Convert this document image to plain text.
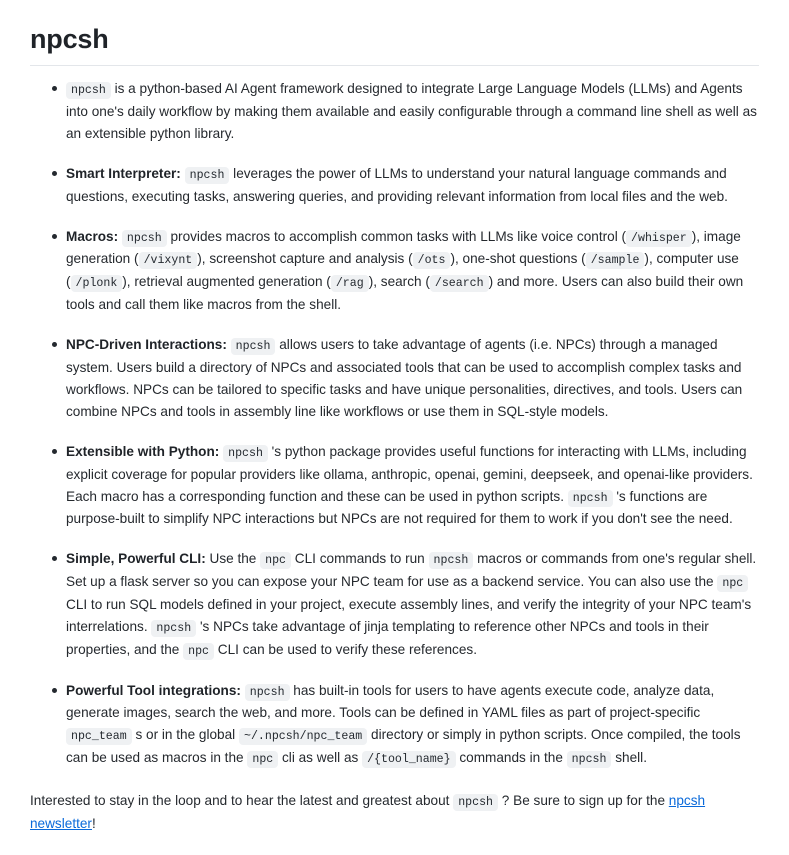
npcsh
npcsh is a python-based AI Agent framework designed to integrate Large Language Models (LLMs) and Agents into one's daily workflow by making them available and easily configurable through a command line shell as well as an extensible python library.
Smart Interpreter: npcsh leverages the power of LLMs to understand your natural language commands and questions, executing tasks, answering queries, and providing relevant information from local files and the web.
Macros: npcsh provides macros to accomplish common tasks with LLMs like voice control ( /whisper ), image generation ( /vixynt ), screenshot capture and analysis ( /ots ), one-shot questions ( /sample ), computer use ( /plonk ), retrieval augmented generation ( /rag ), search ( /search ) and more. Users can also build their own tools and call them like macros from the shell.
NPC-Driven Interactions: npcsh allows users to take advantage of agents (i.e. NPCs) through a managed system. Users build a directory of NPCs and associated tools that can be used to accomplish complex tasks and workflows. NPCs can be tailored to specific tasks and have unique personalities, directives, and tools. Users can combine NPCs and tools in assembly line like workflows or use them in SQL-style models.
Extensible with Python: npcsh 's python package provides useful functions for interacting with LLMs, including explicit coverage for popular providers like ollama, anthropic, openai, gemini, deepseek, and openai-like providers. Each macro has a corresponding function and these can be used in python scripts. npcsh 's functions are purpose-built to simplify NPC interactions but NPCs are not required for them to work if you don't see the need.
Simple, Powerful CLI: Use the npc CLI commands to run npcsh macros or commands from one's regular shell. Set up a flask server so you can expose your NPC team for use as a backend service. You can also use the npc CLI to run SQL models defined in your project, execute assembly lines, and verify the integrity of your NPC team's interrelations. npcsh 's NPCs take advantage of jinja templating to reference other NPCs and tools in their properties, and the npc CLI can be used to verify these references.
Powerful Tool integrations: npcsh has built-in tools for users to have agents execute code, analyze data, generate images, search the web, and more. Tools can be defined in YAML files as part of project-specific npc_team s or in the global ~/.npcsh/npc_team directory or simply in python scripts. Once compiled, the tools can be used as macros in the npc cli as well as /{tool_name} commands in the npcsh shell.

Interested to stay in the loop and to hear the latest and greatest about npcsh ? Be sure to sign up for the npcsh newsletter!
